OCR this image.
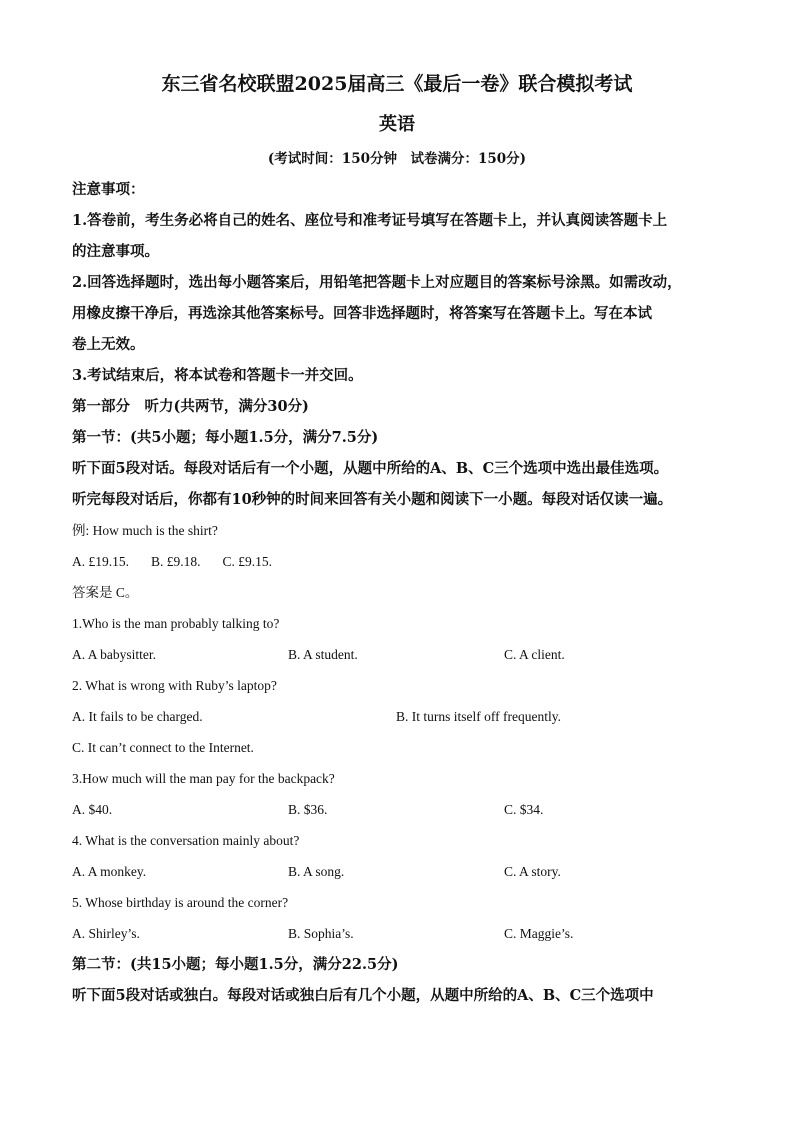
东三省名校联盟2025届高三《最后一卷》联合模拟考试
英语

(考试时间：150分钟　试卷满分：150分)

注意事项：

1.答卷前，考生务必将自己的姓名、座位号和准考证号填写在答题卡上，并认真阅读答题卡上

的注意事项。

2.回答选择题时，选出每小题答案后，用铅笔把答题卡上对应题目的答案标号涂黑。如需改动，

用橡皮擦干净后，再选涂其他答案标号。回答非选择题时，将答案写在答题卡上。写在本试

卷上无效。

3.考试结束后，将本试卷和答题卡一并交回。

第一部分　听力(共两节，满分30分)

第一节：(共5小题；每小题1.5分，满分7.5分)

听下面5段对话。每段对话后有一个小题，从题中所给的A、B、C三个选项中选出最佳选项。

听完每段对话后，你都有10秒钟的时间来回答有关小题和阅读下一小题。每段对话仅读一遍。

例: How much is the shirt?

A. £19.15. B. £9.18. C. £9.15.

答案是 C。

1.Who is the man probably talking to?

A. A babysitter.	B. A student.	C. A client.

2. What is wrong with Ruby’s laptop?

A. It fails to be charged.	B. It turns itself off frequently.
C. It can’t connect to the Internet.

3.How much will the man pay for the backpack?

A. $40.	B. $36.	C. $34.

4. What is the conversation mainly about?

A. A monkey.	B. A song.	C. A story.

5. Whose birthday is around the corner?

A. Shirley’s.	B. Sophia’s.	C. Maggie’s.

第二节：(共15小题；每小题1.5分，满分22.5分)

听下面5段对话或独白。每段对话或独白后有几个小题，从题中所给的A、B、C三个选项中
